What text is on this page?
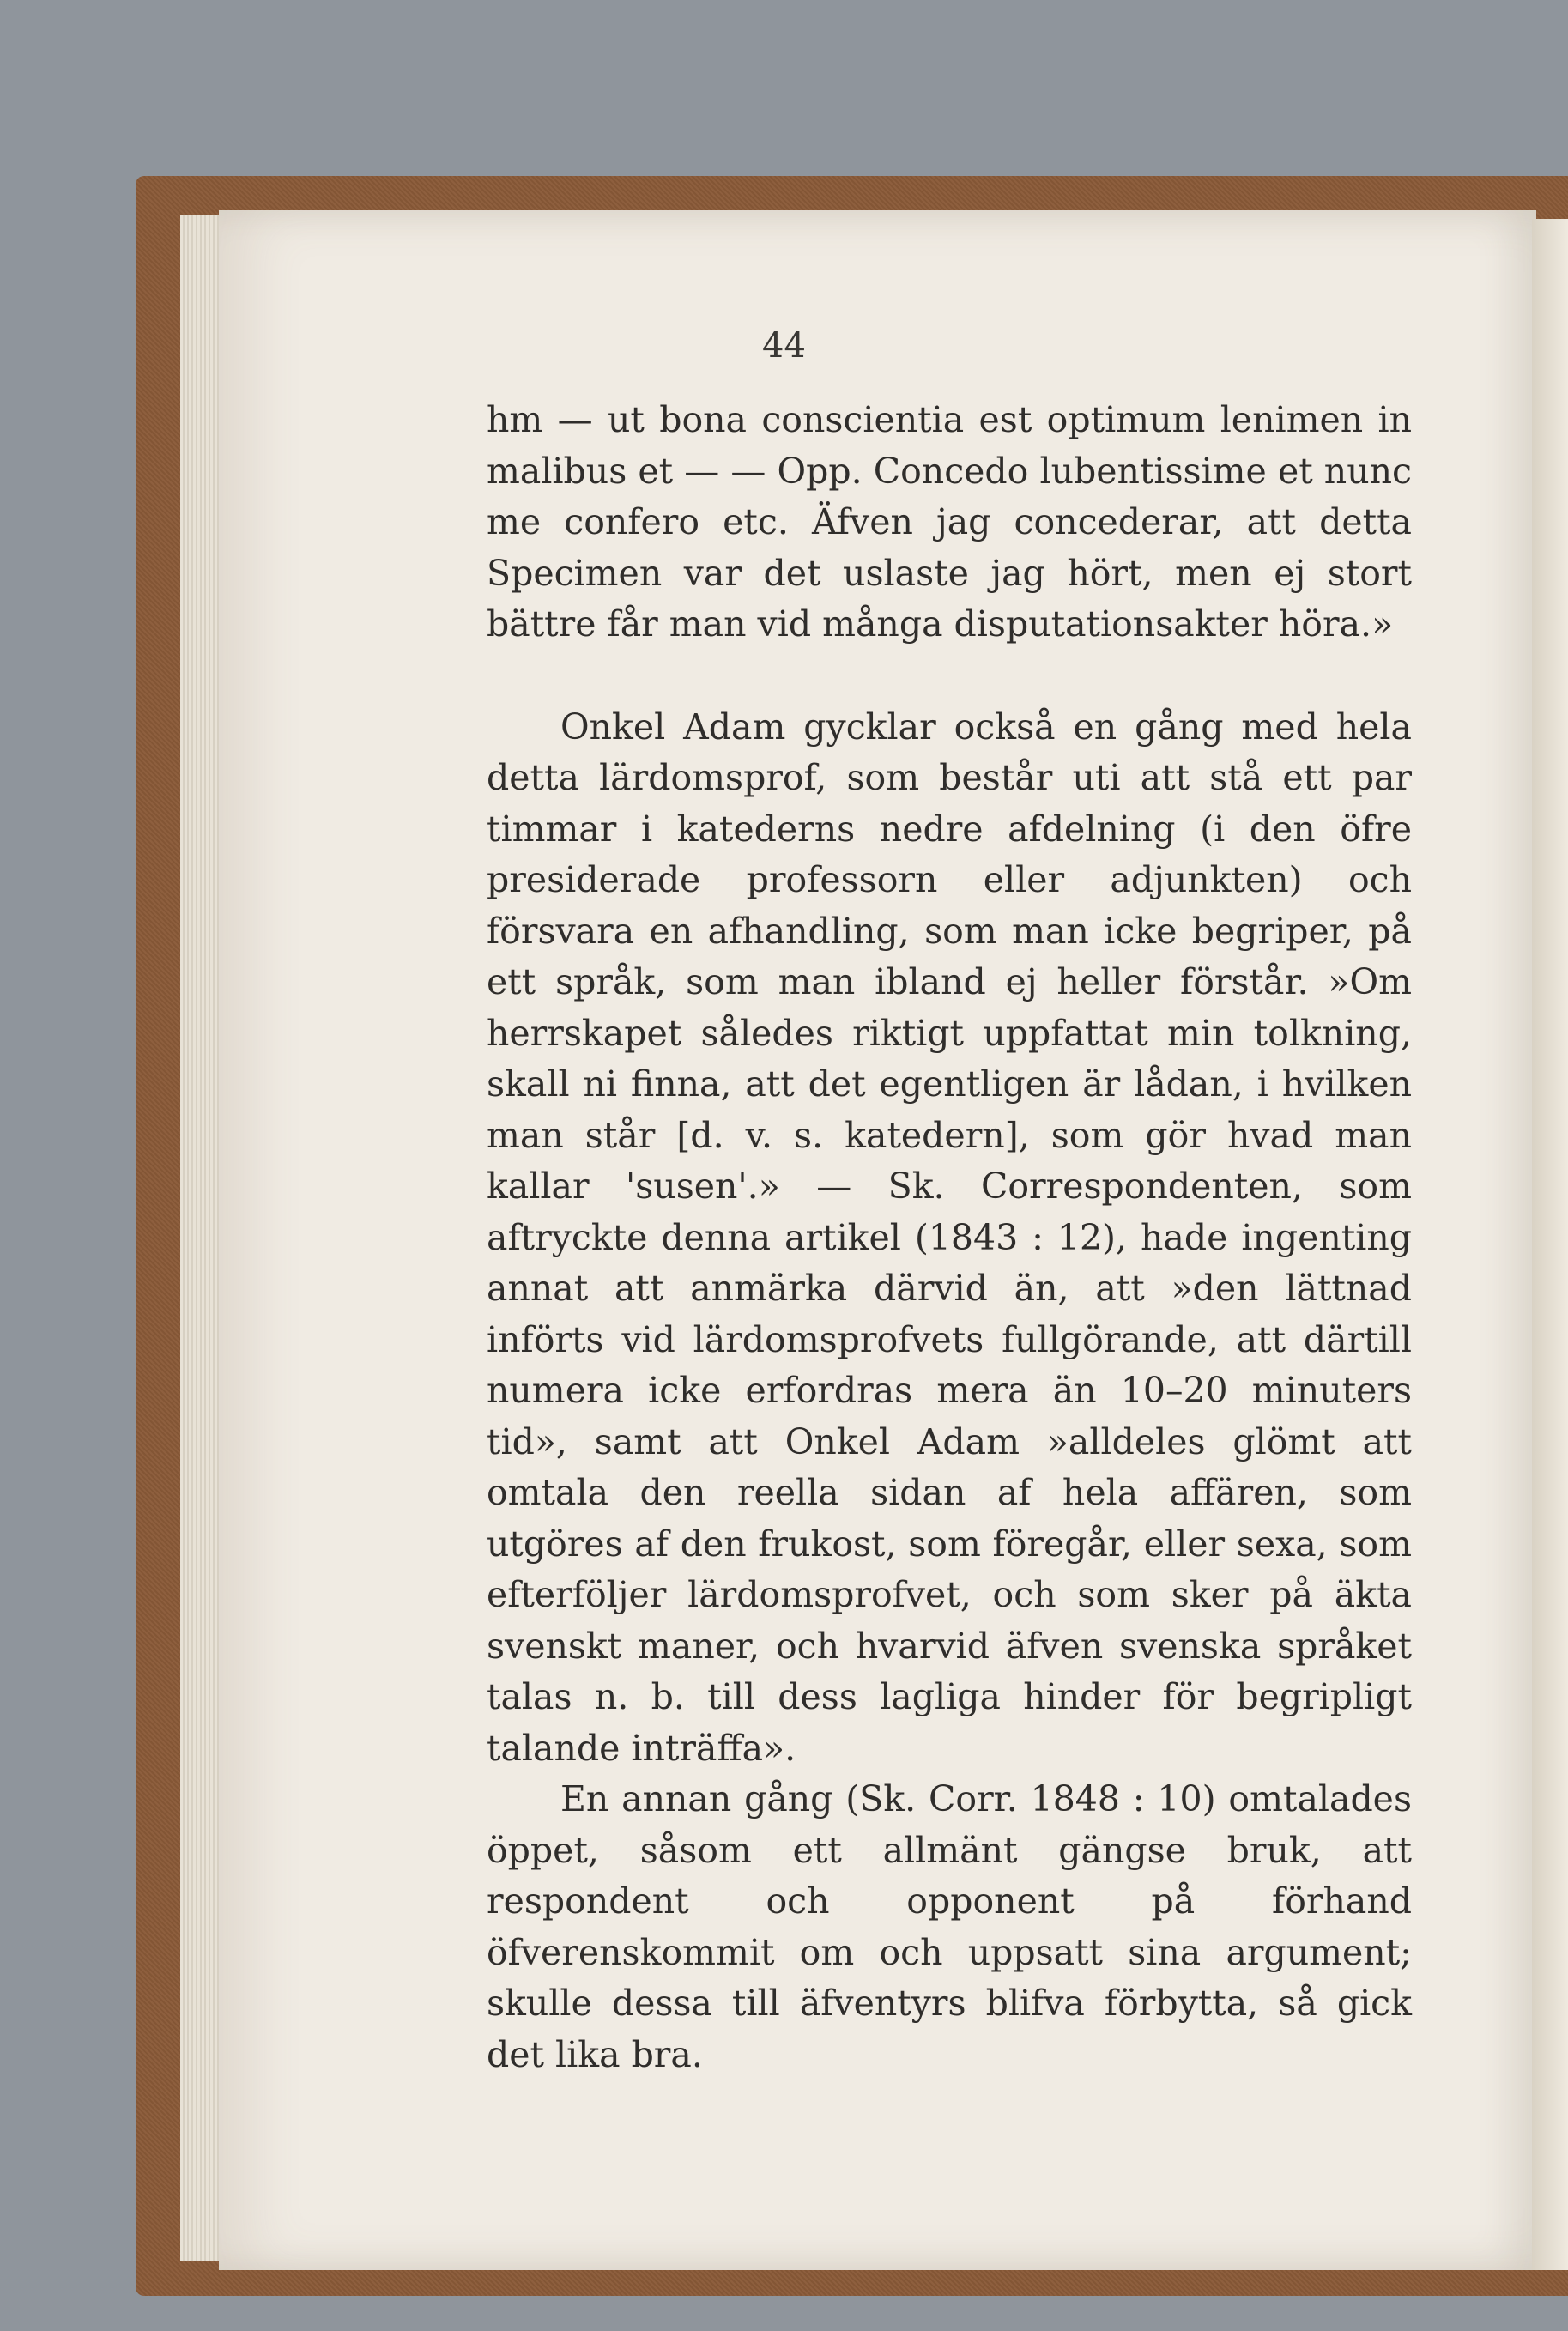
44

hm — ut bona conscientia est optimum lenimen in malibus et — — Opp. Concedo lubentissime et nunc me confero etc. Äfven jag concederar, att detta Specimen var det uslaste jag hört, men ej stort bättre får man vid många disputationsakter höra.»

Onkel Adam gycklar också en gång med hela detta lärdomsprof, som består uti att stå ett par timmar i katederns nedre afdelning (i den öfre presiderade professorn eller adjunkten) och försvara en afhandling, som man icke begriper, på ett språk, som man ibland ej heller förstår. »Om herrskapet således riktigt uppfattat min tolkning, skall ni finna, att det egentligen är lådan, i hvilken man står [d. v. s. katedern], som gör hvad man kallar 'susen'.» — Sk. Correspondenten, som aftryckte denna artikel (1843 : 12), hade ingenting annat att anmärka därvid än, att »den lättnad införts vid lärdomsprofvets fullgörande, att därtill numera icke erfordras mera än 10–20 minuters tid», samt att Onkel Adam »alldeles glömt att omtala den reella sidan af hela affären, som utgöres af den frukost, som föregår, eller sexa, som efterföljer lärdomsprofvet, och som sker på äkta svenskt maner, och hvarvid äfven svenska språket talas n. b. till dess lagliga hinder för begripligt talande inträffa».

En annan gång (Sk. Corr. 1848 : 10) omtalades öppet, såsom ett allmänt gängse bruk, att respondent och opponent på förhand öfverenskommit om och uppsatt sina argument; skulle dessa till äfventyrs blifva förbytta, så gick det lika bra.
